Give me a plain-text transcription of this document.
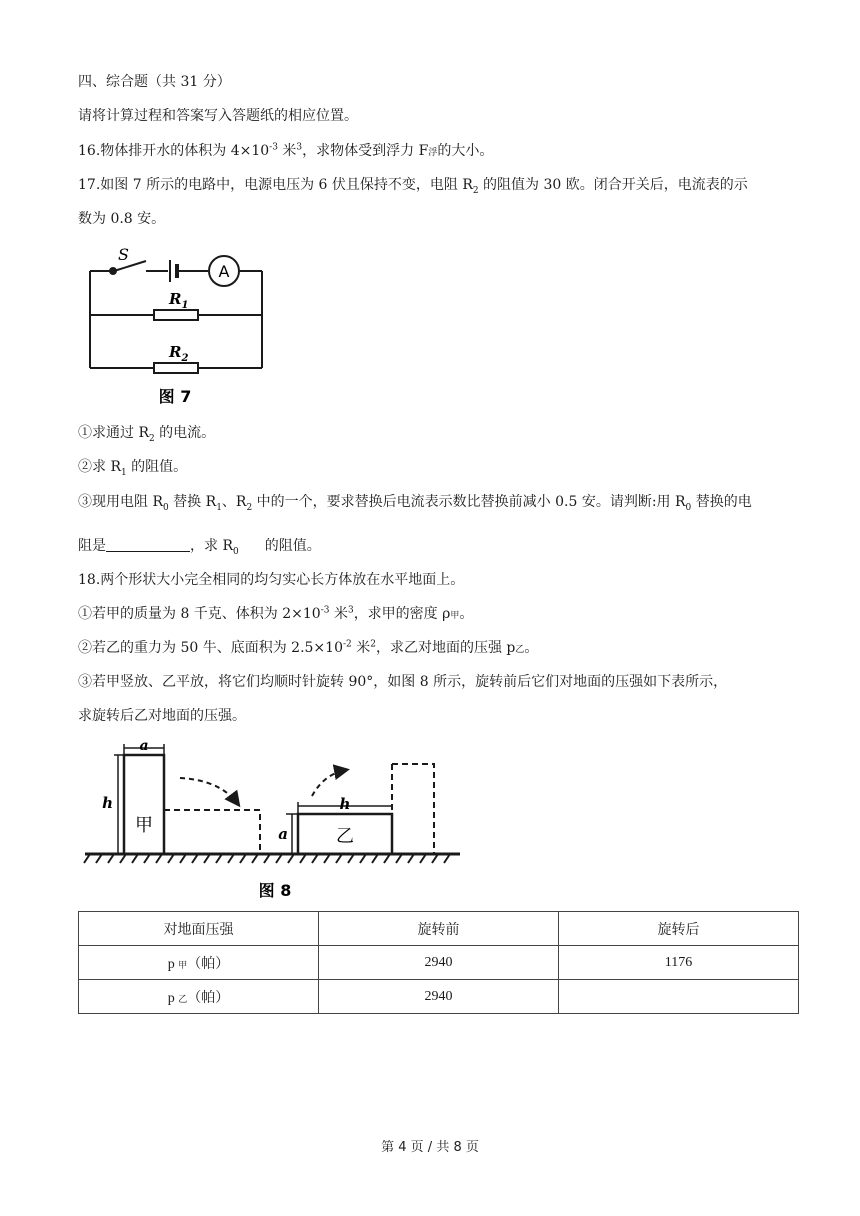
四、综合题（共 31 分）
请将计算过程和答案写入答题纸的相应位置。
16.物体排开水的体积为 $4\times 10^{-3}$ 米$^3$，求物体受到浮力 F浮的大小。
17.如图 7 所示的电路中，电源电压为 6 伏且保持不变，电阻 $R_2$ 的阻值为 30 欧。闭合开关后，电流表的示
数为 0.8 安。
S
A
$R_1$
$R_2$
图 7
①求通过 $R_2$ 的电流。
②求 $R_1$ 的阻值。
③现用电阻 $R_0$ 替换 $R_1$、$R_2$ 中的一个，要求替换后电流表示数比替换前减小 0.5 安。请判断:用 $R_0$ 替换的电
阻是	，求 $R_0$ 的阻值。
18.两个形状大小完全相同的均匀实心长方体放在水平地面上。
①若甲的质量为 8 千克、体积为 $2\times 10^{-3}$ 米$^3$，求甲的密度 ρ甲。
②若乙的重力为 50 牛、底面积为 $2.5\times 10^{-2}$ 米$^2$，求乙对地面的压强 p乙。
③若甲竖放、乙平放，将它们均顺时针旋转 90°，如图 8 所示，旋转前后它们对地面的压强如下表所示，
求旋转后乙对地面的压强。
a
h
甲
h
a	乙
图 8
对地面压强	旋转前	旋转后
p 甲（帕）	2940	1176
p 乙（帕）	2940	
第 4 页 / 共 8 页
